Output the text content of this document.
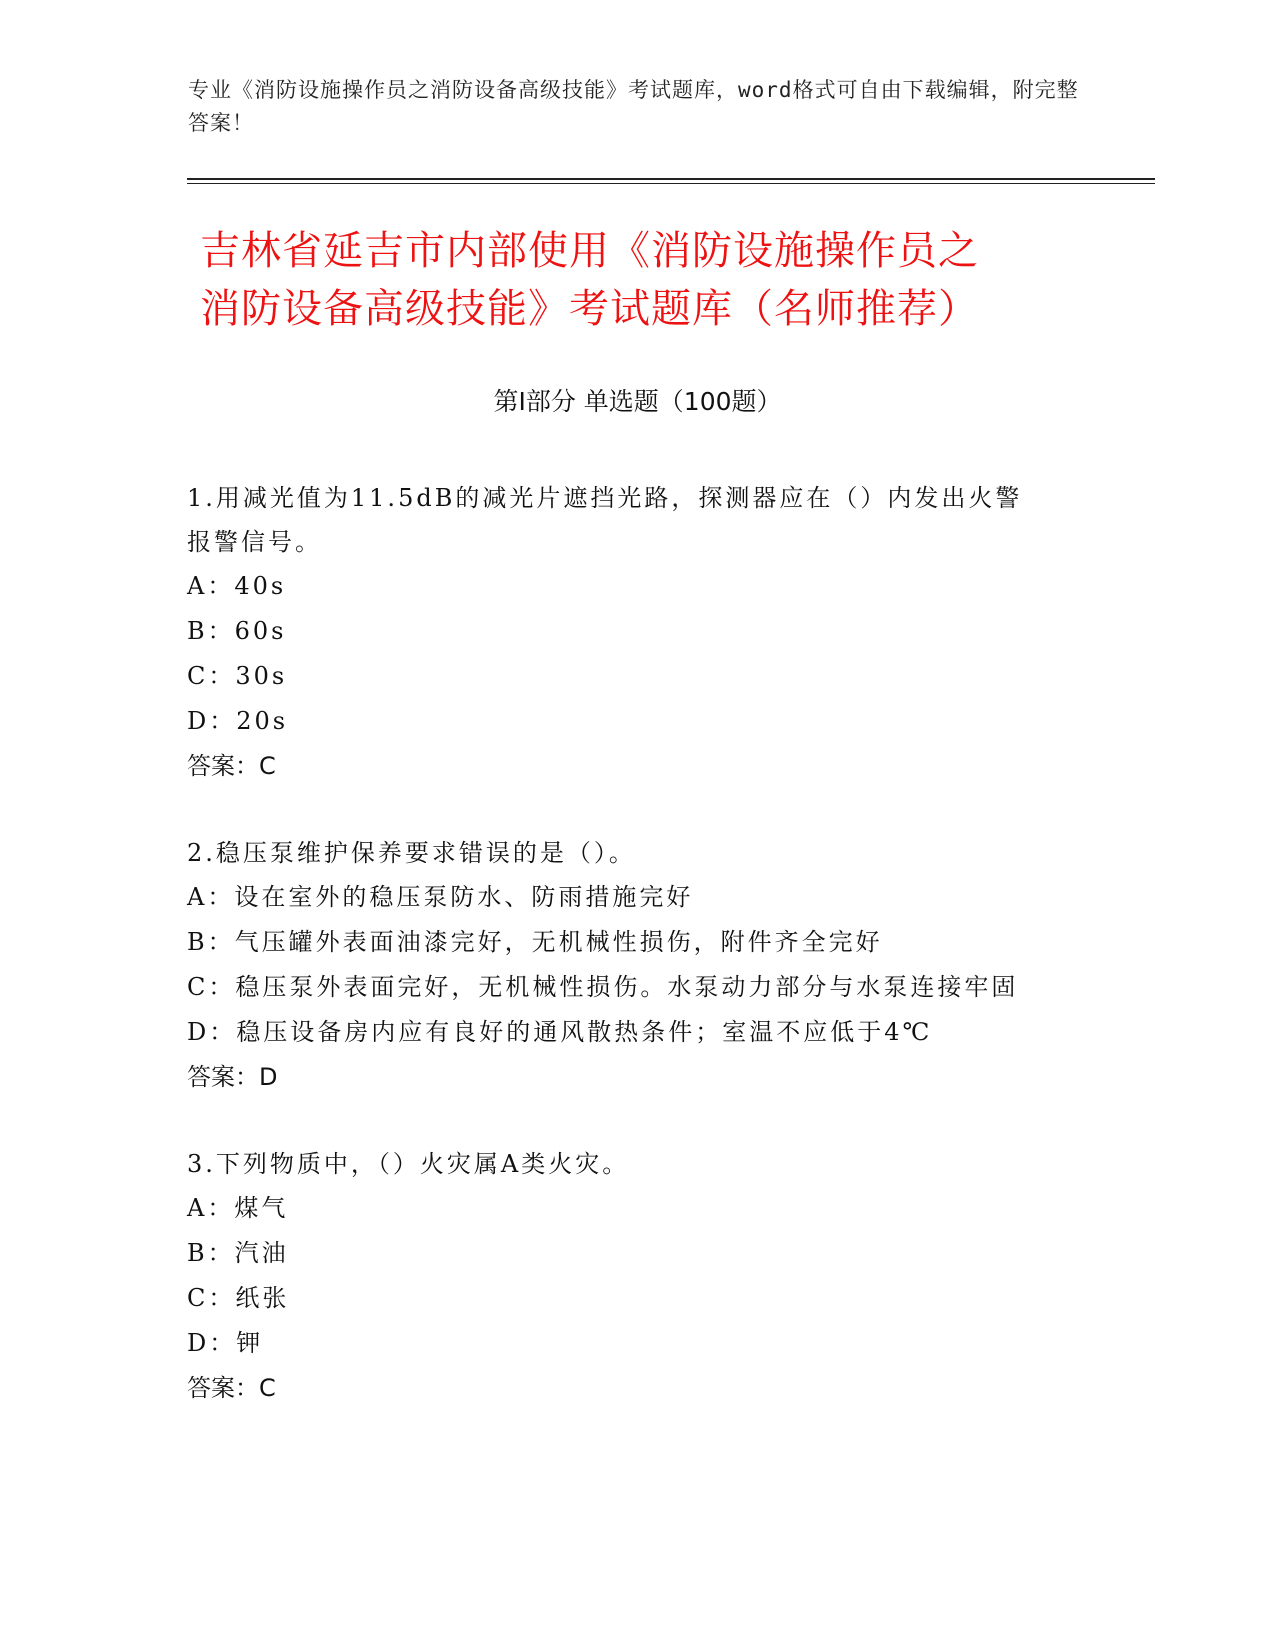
专业《消防设施操作员之消防设备高级技能》考试题库，word格式可自由下载编辑，附完整答案！
吉林省延吉市内部使用《消防设施操作员之
消防设备高级技能》考试题库（名师推荐）
第Ⅰ部分 单选题（100题）

1.用减光值为11.5dB的减光片遮挡光路，探测器应在（）内发出火警

报警信号。

A：40s

B：60s

C：30s

D：20s

答案：C

2.稳压泵维护保养要求错误的是（）。

A：设在室外的稳压泵防水、防雨措施完好

B：气压罐外表面油漆完好，无机械性损伤，附件齐全完好

C：稳压泵外表面完好，无机械性损伤。水泵动力部分与水泵连接牢固

D：稳压设备房内应有良好的通风散热条件；室温不应低于4℃

答案：D

3.下列物质中，（）火灾属A类火灾。

A：煤气

B：汽油

C：纸张

D：钾

答案：C
